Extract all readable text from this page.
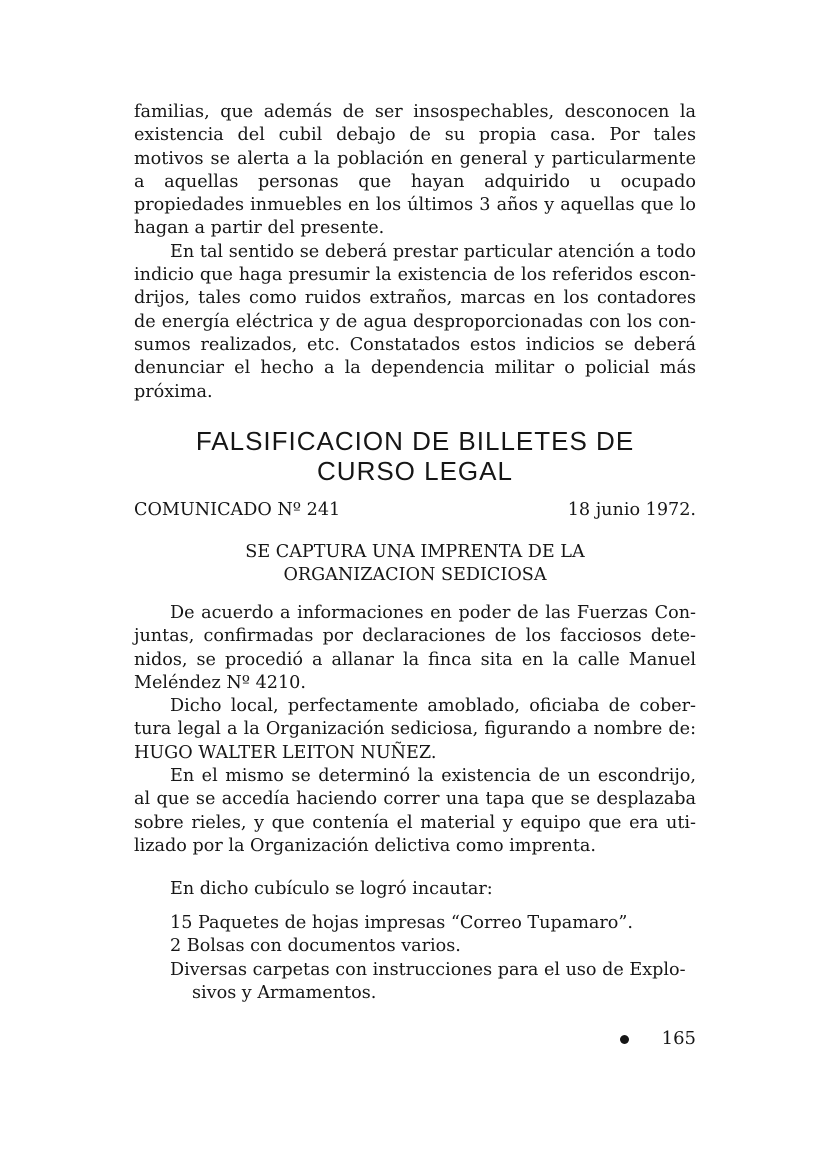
familias, que además de ser insospechables, desconocen la existencia del cubil debajo de su propia casa. Por tales motivos se alerta a la población en general y particularmente a aquellas personas que hayan adquirido u ocupado propiedades inmuebles en los últimos 3 años y aquellas que lo hagan a partir del presente.

En tal sentido se deberá prestar particular atención a todo indicio que haga presumir la existencia de los referidos escondrijos, tales como ruidos extraños, marcas en los contadores de energía eléctrica y de agua desproporcionadas con los consumos realizados, etc. Constatados estos indicios se deberá denunciar el hecho a la dependencia militar o policial más próxima.

FALSIFICACION DE BILLETES DE
CURSO LEGAL
COMUNICADO Nº 241	18 junio 1972.
SE CAPTURA UNA IMPRENTA DE LA
ORGANIZACION SEDICIOSA

De acuerdo a informaciones en poder de las Fuerzas Conjuntas, confirmadas por declaraciones de los facciosos detenidos, se procedió a allanar la finca sita en la calle Manuel Meléndez Nº 4210.

Dicho local, perfectamente amoblado, oficiaba de cobertura legal a la Organización sediciosa, figurando a nombre de: HUGO WALTER LEITON NUÑEZ.

En el mismo se determinó la existencia de un escondrijo, al que se accedía haciendo correr una tapa que se desplazaba sobre rieles, y que contenía el material y equipo que era utilizado por la Organización delictiva como imprenta.

En dicho cubículo se logró incautar:

15 Paquetes de hojas impresas “Correo Tupamaro”.
2 Bolsas con documentos varios.
Diversas carpetas con instrucciones para el uso de Explo-
sivos y Armamentos.
165
